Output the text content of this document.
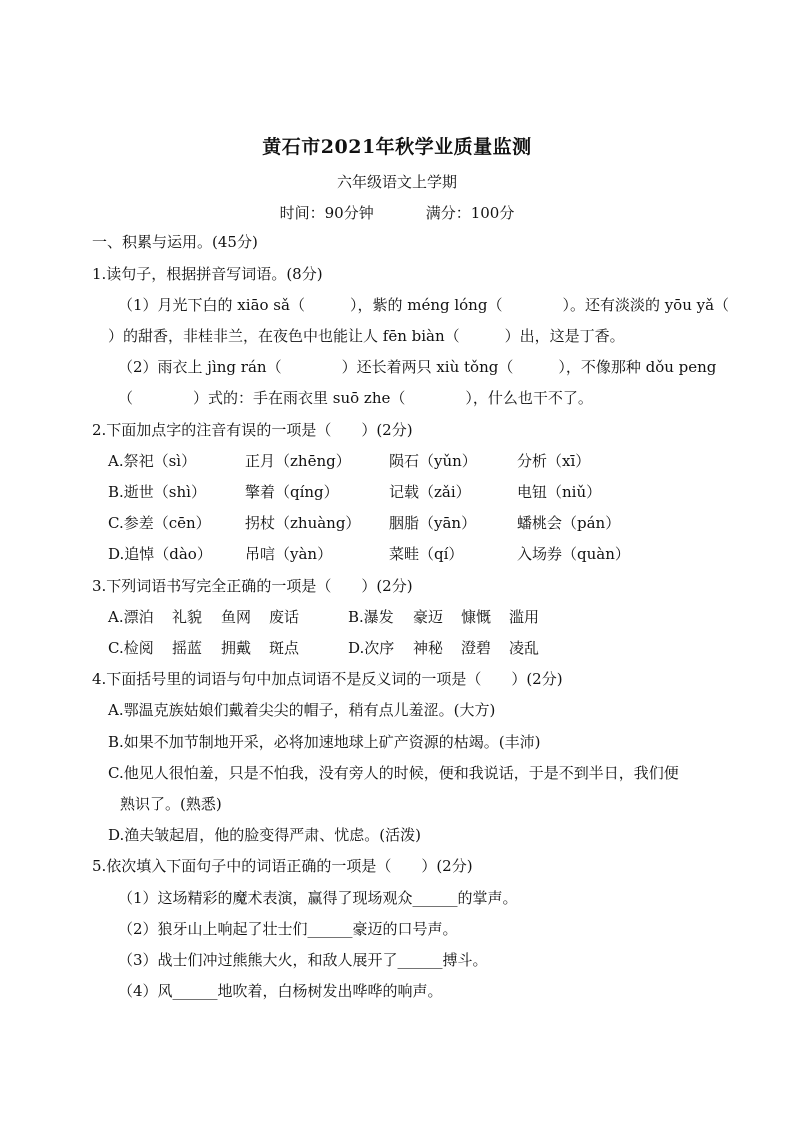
黄石市2021年秋学业质量监测
六年级语文上学期
时间：90分钟	满分：100分
一、积累与运用。(45分)
1.读句子，根据拼音写词语。(8分)
（1）月光下白的 xiāo sǎ（　　　），紫的 méng lóng（　　　　）。还有淡淡的 yōu yǎ（
）的甜香，非桂非兰，在夜色中也能让人 fēn biàn（　　　）出，这是丁香。
（2）雨衣上 jìng rán（　　　　）还长着两只 xiù tǒng（　　　），不像那种 dǒu peng
（　　　　）式的：手在雨衣里 suō zhe（　　　　），什么也干不了。
2.下面加点字的注音有误的一项是（　　）(2分)
A.祭祀（sì）	正月（zhēng）	陨石（yǔn）	分析（xī）
B.逝世（shì）	擎着（qíng）	记载（zǎi）	电钮（niǔ）
C.参差（cēn） 拐杖（zhuàng） 胭脂（yān）	蟠桃会（pán）
D.追悼（dào） 吊唁（yàn）	菜畦（qí）	入场券（quàn）
3.下列词语书写完全正确的一项是（　　）(2分)
A.漂泊 礼貌 鱼网 废话	B.瀑发 豪迈 慷慨 滥用
C.检阅 摇蓝 拥戴 斑点	D.次序 神秘 澄碧 凌乱
4.下面括号里的词语与句中加点词语不是反义词的一项是（　　）(2分)
A.鄂温克族姑娘们戴着尖尖的帽子，稍有点儿羞涩。(大方)
B.如果不加节制地开采，必将加速地球上矿产资源的枯竭。(丰沛)
C.他见人很怕羞，只是不怕我，没有旁人的时候，便和我说话，于是不到半日，我们便
熟识了。(熟悉)
D.渔夫皱起眉，他的脸变得严肃、忧虑。(活泼)
5.依次填入下面句子中的词语正确的一项是（　　）(2分)
（1）这场精彩的魔术表演，赢得了现场观众______的掌声。
（2）狼牙山上响起了壮士们______豪迈的口号声。
（3）战士们冲过熊熊大火，和敌人展开了______搏斗。
（4）风______地吹着，白杨树发出哗哗的响声。
